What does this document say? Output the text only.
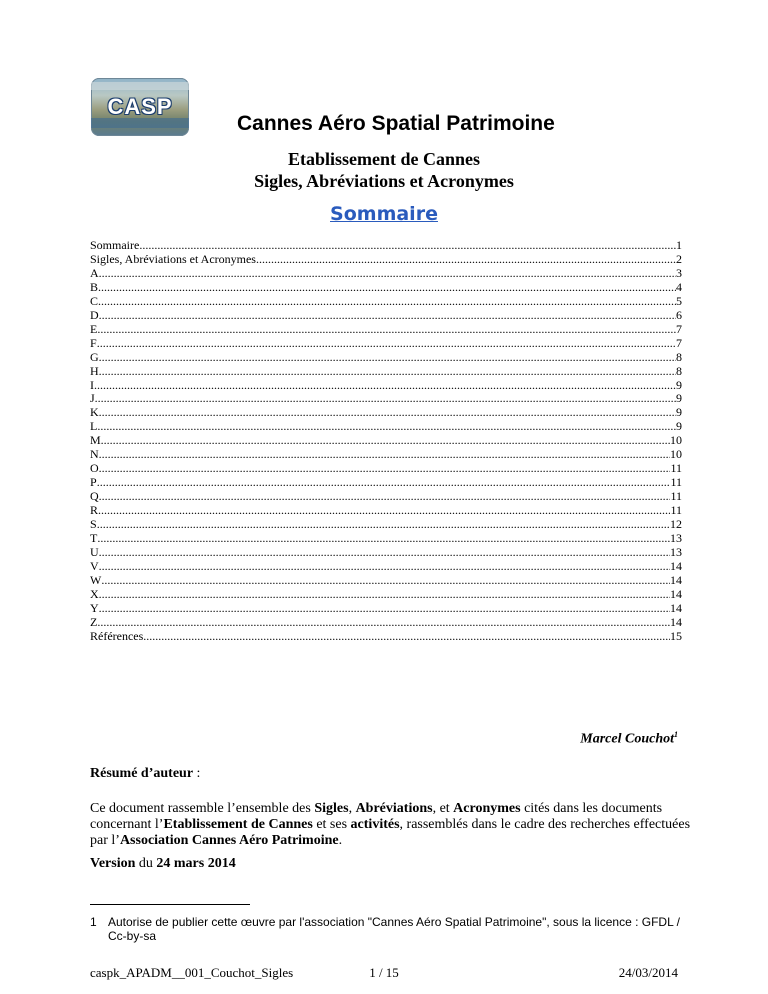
CASP
Cannes Aéro Spatial Patrimoine
Etablissement de Cannes
Sigles, Abréviations et Acronymes
Sommaire
Sommaire .....	1
Sigles, Abréviations et Acronymes .....	2
A .....	3
B .....	4
C .....	5
D .....	6
E .....	7
F .....	7
G .....	8
H .....	8
I .....	9
J .....	9
K .....	9
L .....	9
M .....	10
N .....	10
O .....	11
P .....	11
Q .....	11
R .....	11
S .....	12
T .....	13
U .....	13
V .....	14
W .....	14
X .....	14
Y .....	14
Z .....	14
Références .....	15
Marcel Couchot$^1$
Résumé d’auteur :
Ce document rassemble l’ensemble des Sigles, Abréviations, et Acronymes cités dans les documents concernant l’Etablissement de Cannes et ses activités, rassemblés dans le cadre des recherches effectuées par l’Association Cannes Aéro Patrimoine.
Version du 24 mars 2014
1 Autorise de publier cette œuvre par l'association "Cannes Aéro Spatial Patrimoine", sous la licence : GFDL / Cc-by-sa
caspk_APADM__001_Couchot_Sigles	1 / 15	24/03/2014
